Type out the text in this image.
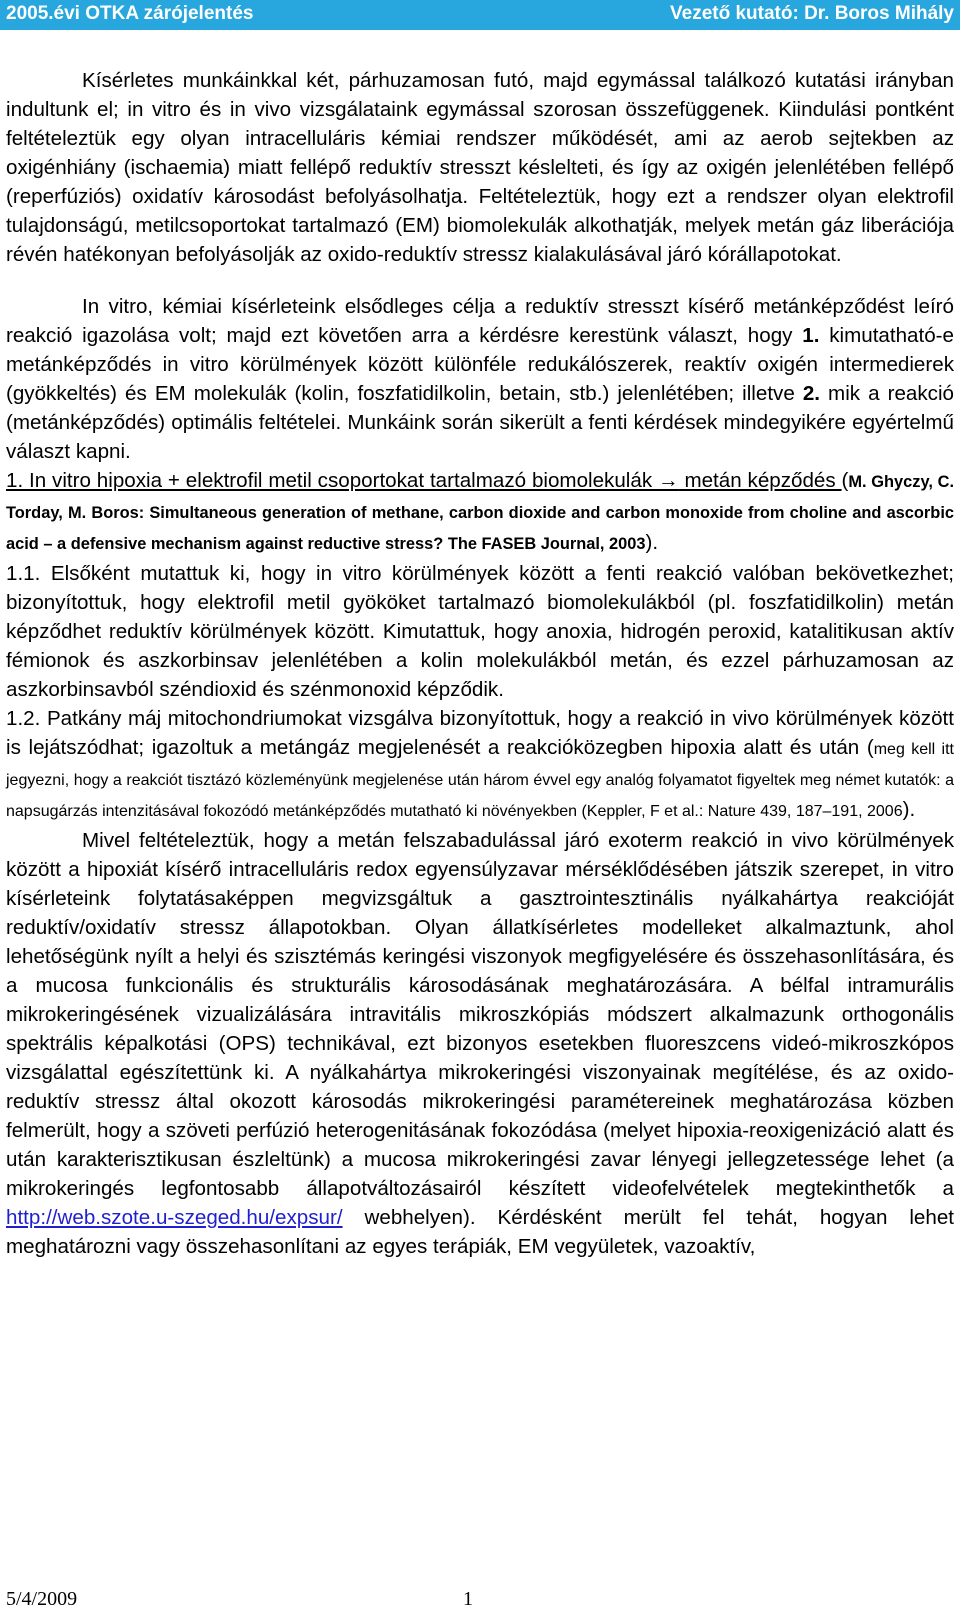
2005.évi OTKA zárójelentés	Vezető kutató: Dr. Boros Mihály

Kísérletes munkáinkkal két, párhuzamosan futó, majd egymással találkozó kutatási irányban indultunk el; in vitro és in vivo vizsgálataink egymással szorosan összefüggenek. Kiindulási pontként feltételeztük egy olyan intracelluláris kémiai rendszer működését, ami az aerob sejtekben az oxigénhiány (ischaemia) miatt fellépő reduktív stresszt késlelteti, és így az oxigén jelenlétében fellépő (reperfúziós) oxidatív károsodást befolyásolhatja. Feltételeztük, hogy ezt a rendszer olyan elektrofil tulajdonságú, metilcsoportokat tartalmazó (EM) biomolekulák alkothatják, melyek metán gáz liberációja révén hatékonyan befolyásolják az oxido-reduktív stressz kialakulásával járó kórállapotokat.

In vitro, kémiai kísérleteink elsődleges célja a reduktív stresszt kísérő metánképződést leíró reakció igazolása volt; majd ezt követően arra a kérdésre kerestünk választ, hogy 1. kimutatható-e metánképződés in vitro körülmények között különféle redukálószerek, reaktív oxigén intermedierek (gyökkeltés) és EM molekulák (kolin, foszfatidilkolin, betain, stb.) jelenlétében; illetve 2. mik a reakció (metánképződés) optimális feltételei. Munkáink során sikerült a fenti kérdések mindegyikére egyértelmű választ kapni.

1. In vitro hipoxia + elektrofil metil csoportokat tartalmazó biomolekulák → metán képződés (M. Ghyczy, C. Torday, M. Boros: Simultaneous generation of methane, carbon dioxide and carbon monoxide from choline and ascorbic acid – a defensive mechanism against reductive stress? The FASEB Journal, 2003).

1.1. Elsőként mutattuk ki, hogy in vitro körülmények között a fenti reakció valóban bekövetkezhet; bizonyítottuk, hogy elektrofil metil gyököket tartalmazó biomolekulákból (pl. foszfatidilkolin) metán képződhet reduktív körülmények között. Kimutattuk, hogy anoxia, hidrogén peroxid, katalitikusan aktív fémionok és aszkorbinsav jelenlétében a kolin molekulákból metán, és ezzel párhuzamosan az aszkorbinsavból széndioxid és szénmonoxid képződik.

1.2. Patkány máj mitochondriumokat vizsgálva bizonyítottuk, hogy a reakció in vivo körülmények között is lejátszódhat; igazoltuk a metángáz megjelenését a reakcióközegben hipoxia alatt és után (meg kell itt jegyezni, hogy a reakciót tisztázó közleményünk megjelenése után három évvel egy analóg folyamatot figyeltek meg német kutatók: a napsugárzás intenzitásával fokozódó metánképződés mutatható ki növényekben (Keppler, F et al.: Nature 439, 187–191, 2006).

Mivel feltételeztük, hogy a metán felszabadulással járó exoterm reakció in vivo körülmények között a hipoxiát kísérő intracelluláris redox egyensúlyzavar mérséklődésében játszik szerepet, in vitro kísérleteink folytatásaképpen megvizsgáltuk a gasztrointesztinális nyálkahártya reakcióját reduktív/oxidatív stressz állapotokban. Olyan állatkísérletes modelleket alkalmaztunk, ahol lehetőségünk nyílt a helyi és szisztémás keringési viszonyok megfigyelésére és összehasonlítására, és a mucosa funkcionális és strukturális károsodásának meghatározására. A bélfal intramurális mikrokeringésének vizualizálására intravitális mikroszkópiás módszert alkalmazunk orthogonális spektrális képalkotási (OPS) technikával, ezt bizonyos esetekben fluoreszcens videó-mikroszkópos vizsgálattal egészítettünk ki. A nyálkahártya mikrokeringési viszonyainak megítélése, és az oxido-reduktív stressz által okozott károsodás mikrokeringési paramétereinek meghatározása közben felmerült, hogy a szöveti perfúzió heterogenitásának fokozódása (melyet hipoxia-reoxigenizáció alatt és után karakterisztikusan észleltünk) a mucosa mikrokeringési zavar lényegi jellegzetessége lehet (a mikrokeringés legfontosabb állapotváltozásairól készített videofelvételek megtekinthetők a http://web.szote.u-szeged.hu/expsur/ webhelyen). Kérdésként merült fel tehát, hogyan lehet meghatározni vagy összehasonlítani az egyes terápiák, EM vegyületek, vazoaktív,

5/4/2009	1
